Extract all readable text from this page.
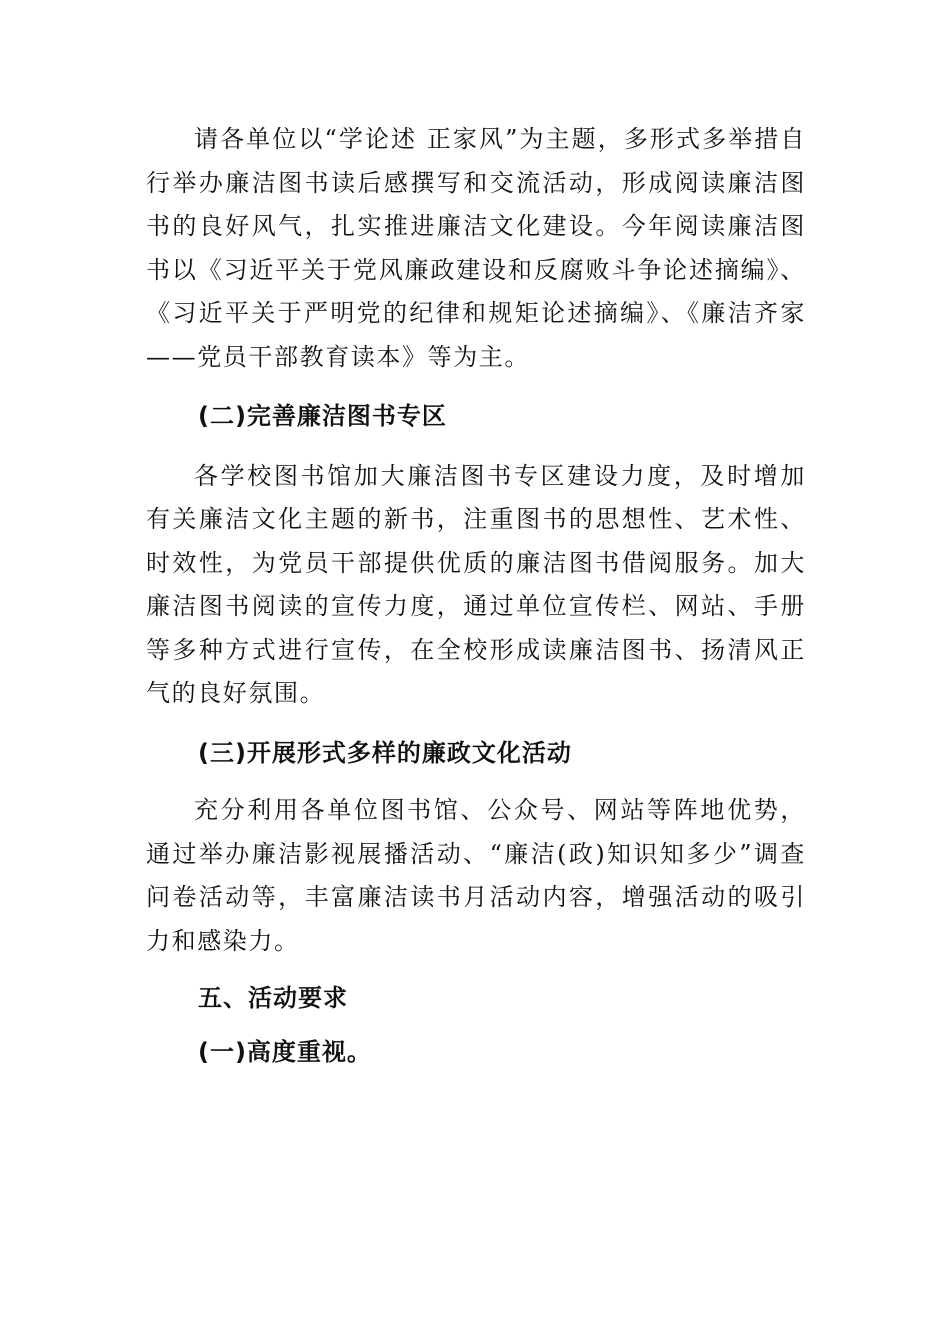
请各单位以“学论述 正家风”为主题，多形式多举措自行举办廉洁图书读后感撰写和交流活动，形成阅读廉洁图书的良好风气，扎实推进廉洁文化建设。今年阅读廉洁图书以《习近平关于党风廉政建设和反腐败斗争论述摘编》、《习近平关于严明党的纪律和规矩论述摘编》、《廉洁齐家——党员干部教育读本》等为主。

(二)完善廉洁图书专区

各学校图书馆加大廉洁图书专区建设力度，及时增加有关廉洁文化主题的新书，注重图书的思想性、艺术性、时效性，为党员干部提供优质的廉洁图书借阅服务。加大廉洁图书阅读的宣传力度，通过单位宣传栏、网站、手册等多种方式进行宣传，在全校形成读廉洁图书、扬清风正气的良好氛围。

(三)开展形式多样的廉政文化活动

充分利用各单位图书馆、公众号、网站等阵地优势，通过举办廉洁影视展播活动、“廉洁(政)知识知多少”调查问卷活动等，丰富廉洁读书月活动内容，增强活动的吸引力和感染力。

五、活动要求

(一)高度重视。
